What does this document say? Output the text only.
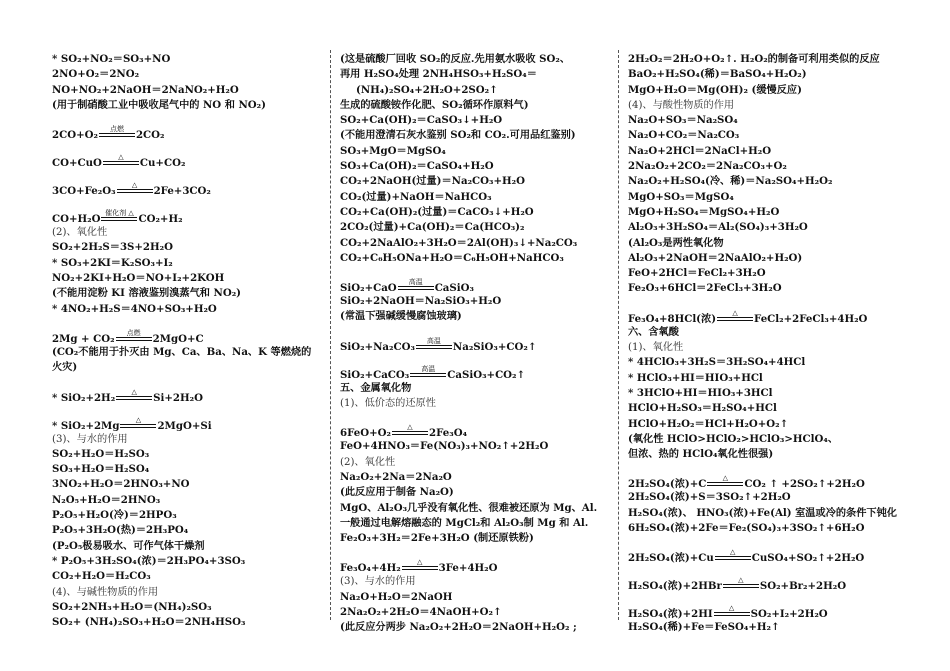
* SO₂+NO₂＝SO₃+NO
2NO+O₂＝2NO₂
NO+NO₂+2NaOH＝2NaNO₂+H₂O
(用于制硝酸工业中吸收尾气中的 NO 和 NO₂)
2CO+O₂ 点燃 2CO₂
CO+CuO △ Cu+CO₂
3CO+Fe₂O₃ △ 2Fe+3CO₂
CO+H₂O 催化剂 △ CO₂+H₂
(2)、氧化性
SO₂+2H₂S＝3S+2H₂O
* SO₃+2KI＝K₂SO₃+I₂
NO₂+2KI+H₂O＝NO+I₂+2KOH
(不能用淀粉 KI 溶液鉴别溴蒸气和 NO₂)
* 4NO₂+H₂S＝4NO+SO₃+H₂O
2Mg + CO₂ 点燃 2MgO+C
(CO₂不能用于扑灭由 Mg、Ca、Ba、Na、K 等燃烧的
火灾)
* SiO₂+2H₂ △ Si+2H₂O
* SiO₂+2Mg △ 2MgO+Si
(3)、与水的作用
SO₂+H₂O＝H₂SO₃
SO₃+H₂O＝H₂SO₄
3NO₂+H₂O＝2HNO₃+NO
N₂O₅+H₂O＝2HNO₃
P₂O₅+H₂O(冷)＝2HPO₃
P₂O₅+3H₂O(热)＝2H₃PO₄
(P₂O₅极易吸水、可作气体干燥剂
* P₂O₅+3H₂SO₄(浓)＝2H₃PO₄+3SO₃
CO₂+H₂O＝H₂CO₃
(4)、与碱性物质的作用
SO₂+2NH₃+H₂O＝(NH₄)₂SO₃
SO₂+ (NH₄)₂SO₃+H₂O＝2NH₄HSO₃
(这是硫酸厂回收 SO₂的反应.先用氨水吸收 SO₂、
再用 H₂SO₄处理 2NH₄HSO₃+H₂SO₄＝
(NH₄)₂SO₄+2H₂O+2SO₂↑
生成的硫酸铵作化肥、SO₂循环作原料气)
SO₂+Ca(OH)₂＝CaSO₃↓+H₂O
(不能用澄清石灰水鉴别 SO₂和 CO₂.可用品红鉴别)
SO₃+MgO＝MgSO₄
SO₃+Ca(OH)₂＝CaSO₄+H₂O
CO₂+2NaOH(过量)＝Na₂CO₃+H₂O
CO₂(过量)+NaOH＝NaHCO₃
CO₂+Ca(OH)₂(过量)＝CaCO₃↓+H₂O
2CO₂(过量)+Ca(OH)₂＝Ca(HCO₃)₂
CO₂+2NaAlO₂+3H₂O＝2Al(OH)₃↓+Na₂CO₃
CO₂+C₆H₅ONa+H₂O＝C₆H₅OH+NaHCO₃
SiO₂+CaO 高温 CaSiO₃
SiO₂+2NaOH＝Na₂SiO₃+H₂O
(常温下强碱缓慢腐蚀玻璃)
SiO₂+Na₂CO₃ 高温 Na₂SiO₃+CO₂↑
SiO₂+CaCO₃ 高温 CaSiO₃+CO₂↑
五、金属氧化物
(1)、低价态的还原性
6FeO+O₂ △ 2Fe₃O₄
FeO+4HNO₃＝Fe(NO₃)₃+NO₂↑+2H₂O
(2)、氧化性
Na₂O₂+2Na＝2Na₂O
(此反应用于制备 Na₂O)
MgO、Al₂O₃几乎没有氧化性、很难被还原为 Mg、Al.
一般通过电解熔融态的 MgCl₂和 Al₂O₃制 Mg 和 Al.
Fe₂O₃+3H₂＝2Fe+3H₂O (制还原铁粉)
Fe₃O₄+4H₂ △ 3Fe+4H₂O
(3)、与水的作用
Na₂O+H₂O＝2NaOH
2Na₂O₂+2H₂O＝4NaOH+O₂↑
(此反应分两步 Na₂O₂+2H₂O＝2NaOH+H₂O₂ ;
2H₂O₂＝2H₂O+O₂↑. H₂O₂的制备可利用类似的反应
BaO₂+H₂SO₄(稀)＝BaSO₄+H₂O₂)
MgO+H₂O＝Mg(OH)₂ (缓慢反应)
(4)、与酸性物质的作用
Na₂O+SO₃＝Na₂SO₄
Na₂O+CO₂＝Na₂CO₃
Na₂O+2HCl＝2NaCl+H₂O
2Na₂O₂+2CO₂＝2Na₂CO₃+O₂
Na₂O₂+H₂SO₄(冷、稀)＝Na₂SO₄+H₂O₂
MgO+SO₃＝MgSO₄
MgO+H₂SO₄＝MgSO₄+H₂O
Al₂O₃+3H₂SO₄＝Al₂(SO₄)₃+3H₂O
(Al₂O₃是两性氧化物
Al₂O₃+2NaOH＝2NaAlO₂+H₂O)
FeO+2HCl＝FeCl₂+3H₂O
Fe₂O₃+6HCl＝2FeCl₃+3H₂O
Fe₃O₄+8HCl(浓) △ FeCl₂+2FeCl₃+4H₂O
六、含氧酸
(1)、氧化性
* 4HClO₃+3H₂S＝3H₂SO₄+4HCl
* HClO₃+HI＝HIO₃+HCl
* 3HClO+HI＝HIO₃+3HCl
HClO+H₂SO₃＝H₂SO₄+HCl
HClO+H₂O₂＝HCl+H₂O+O₂↑
(氧化性 HClO>HClO₂>HClO₃>HClO₄、
但浓、热的 HClO₄氧化性很强)
2H₂SO₄(浓)+C △ CO₂ ↑ +2SO₂↑+2H₂O
2H₂SO₄(浓)+S＝3SO₂↑+2H₂O
H₂SO₄(浓)、 HNO₃(浓)+Fe(Al) 室温或冷的条件下钝化
6H₂SO₄(浓)+2Fe＝Fe₂(SO₄)₃+3SO₂↑+6H₂O
2H₂SO₄(浓)+Cu △ CuSO₄+SO₂↑+2H₂O
H₂SO₄(浓)+2HBr △ SO₂+Br₂+2H₂O
H₂SO₄(浓)+2HI △ SO₂+I₂+2H₂O
H₂SO₄(稀)+Fe＝FeSO₄+H₂↑
